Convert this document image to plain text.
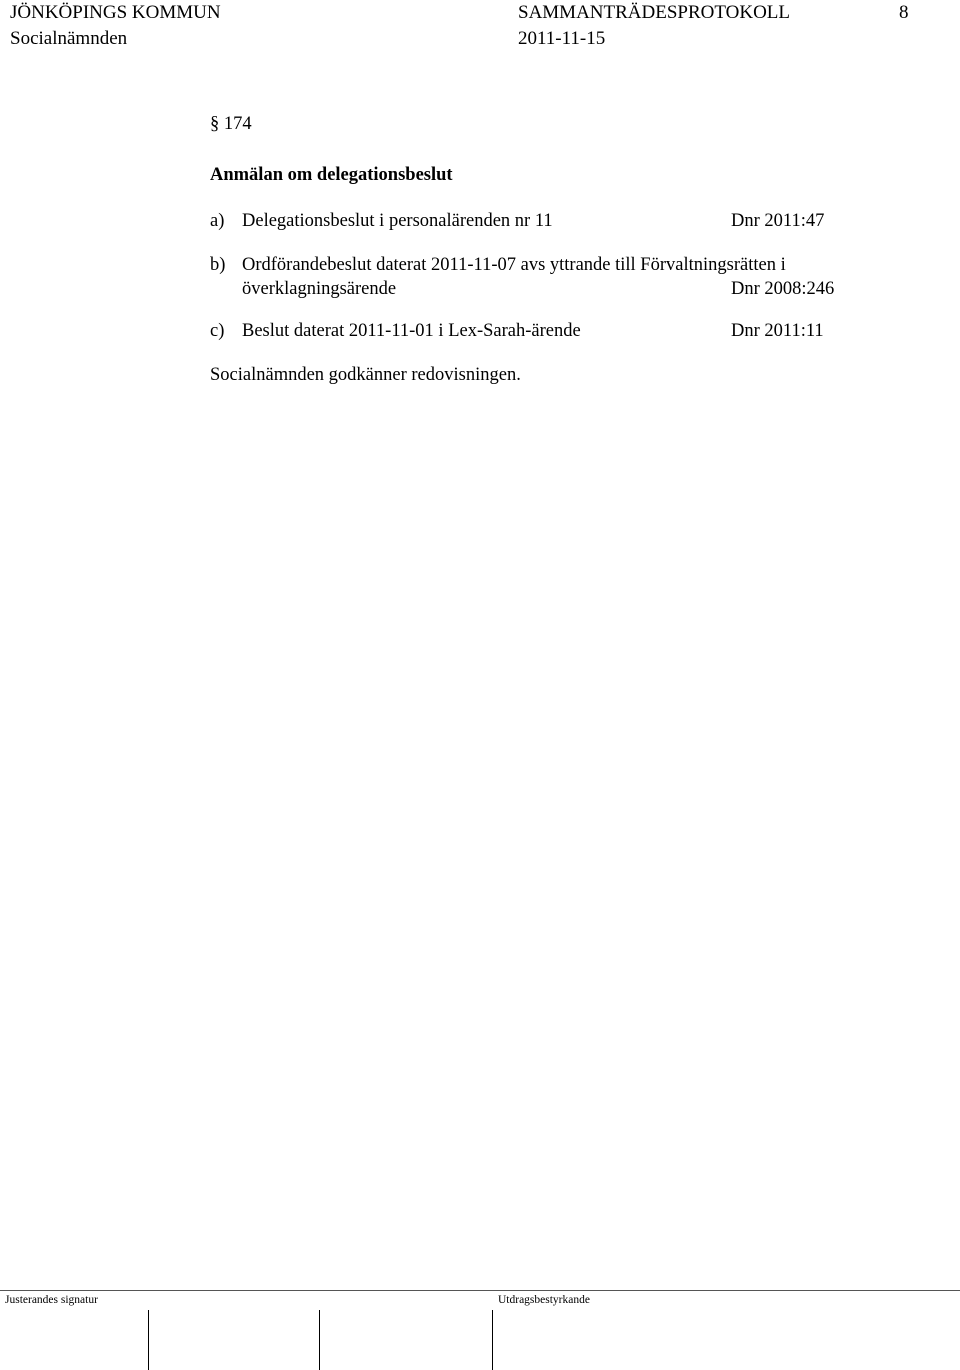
JÖNKÖPINGS KOMMUN
Socialnämnden
SAMMANTRÄDESPROTOKOLL
2011-11-15
8
§ 174
Anmälan om delegationsbeslut
a) Delegationsbeslut i personalärenden nr 11	Dnr 2011:47
b) Ordförandebeslut daterat 2011-11-07 avs yttrande till Förvaltningsrätten i
överklagningsärende	Dnr 2008:246
c) Beslut daterat 2011-11-01 i Lex-Sarah-ärende	Dnr 2011:11
Socialnämnden godkänner redovisningen.
Justerandes signatur	Utdragsbestyrkande
